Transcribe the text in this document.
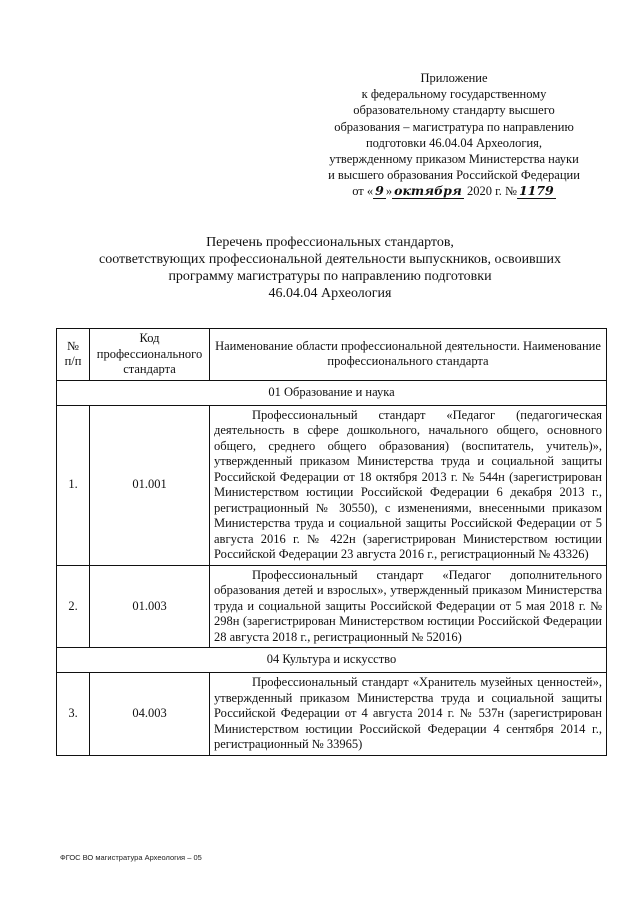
Приложение
к федеральному государственному
образовательному стандарту высшего
образования – магистратура по направлению
подготовки 46.04.04 Археология,
утвержденному приказом Министерства науки
и высшего образования Российской Федерации
от « 9 » октября 2020 г. № 1179
Перечень профессиональных стандартов,
соответствующих профессиональной деятельности выпускников, освоивших
программу магистратуры по направлению подготовки
46.04.04 Археология
№ п/п	Код профессионального стандарта	Наименование области профессиональной деятельности. Наименование профессионального стандарта
01 Образование и наука		
1.	01.001	Профессиональный стандарт «Педагог (педагогическая деятельность в сфере дошкольного, начального общего, основного общего, среднего общего образования) (воспитатель, учитель)», утвержденный приказом Министерства труда и социальной защиты Российской Федерации от 18 октября 2013 г. № 544н (зарегистрирован Министерством юстиции Российской Федерации 6 декабря 2013 г., регистрационный № 30550), с изменениями, внесенными приказом Министерства труда и социальной защиты Российской Федерации от 5 августа 2016 г. № 422н (зарегистрирован Министерством юстиции Российской Федерации 23 августа 2016 г., регистрационный № 43326)
2.	01.003	Профессиональный стандарт «Педагог дополнительного образования детей и взрослых», утвержденный приказом Министерства труда и социальной защиты Российской Федерации от 5 мая 2018 г. № 298н (зарегистрирован Министерством юстиции Российской Федерации 28 августа 2018 г., регистрационный № 52016)
04 Культура и искусство		
3.	04.003	Профессиональный стандарт «Хранитель музейных ценностей», утвержденный приказом Министерства труда и социальной защиты Российской Федерации от 4 августа 2014 г. № 537н (зарегистрирован Министерством юстиции Российской Федерации 4 сентября 2014 г., регистрационный № 33965)
ФГОС ВО магистратура Археология – 05
